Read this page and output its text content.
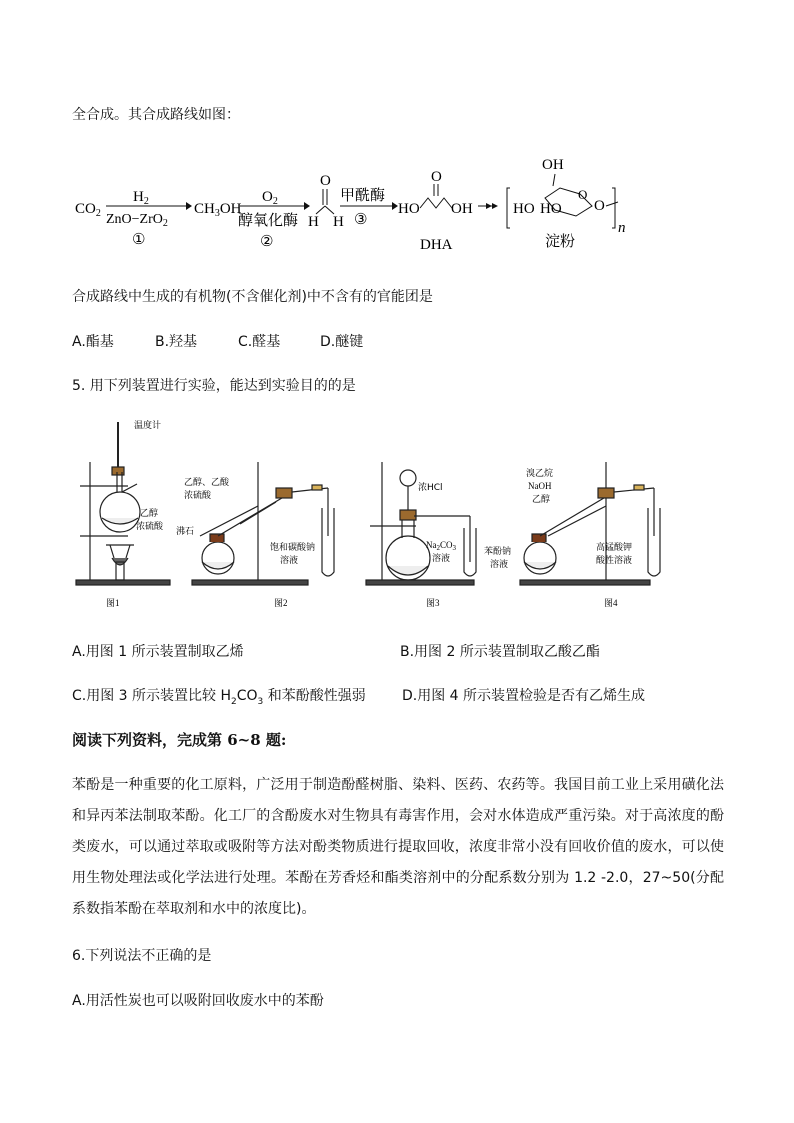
全合成。其合成路线如图：
$CO_2$
$H_2$
ZnO−ZrO$_2$
①
$CH_3OH$
$O_2$
醇氧化酶
②
O
H H
甲酰酶
③
HO
O
OH
DHA
OH
O
HO HO O
n
淀粉
合成路线中生成的有机物(不含催化剂)中不含有的官能团是
A.酯基	B.羟基	C.醛基	D.醚键
5. 用下列装置进行实验，能达到实验目的的是
温度计
乙醇
浓硫酸
图1
乙醇、乙酸
浓硫酸
沸石
饱和碳酸钠
溶液
图2
浓HCl
$Na_2CO_3$
溶液
苯酚钠
溶液
图3
溴乙烷
NaOH
乙醇
高锰酸钾
酸性溶液
图4
A.用图 1 所示装置制取乙烯	B.用图 2 所示装置制取乙酸乙酯
C.用图 3 所示装置比较 $H_2CO_3$ 和苯酚酸性强弱	D.用图 4 所示装置检验是否有乙烯生成
阅读下列资料，完成第 6~8 题:
苯酚是一种重要的化工原料，广泛用于制造酚醛树脂、染料、医药、农药等。我国目前工业上采用磺化法和异丙苯法制取苯酚。化工厂的含酚废水对生物具有毒害作用，会对水体造成严重污染。对于高浓度的酚类废水，可以通过萃取或吸附等方法对酚类物质进行提取回收，浓度非常小没有回收价值的废水，可以使用生物处理法或化学法进行处理。苯酚在芳香烃和酯类溶剂中的分配系数分别为 1.2 -2.0，27~50(分配系数指苯酚在萃取剂和水中的浓度比)。
6.下列说法不正确的是
A.用活性炭也可以吸附回收废水中的苯酚
